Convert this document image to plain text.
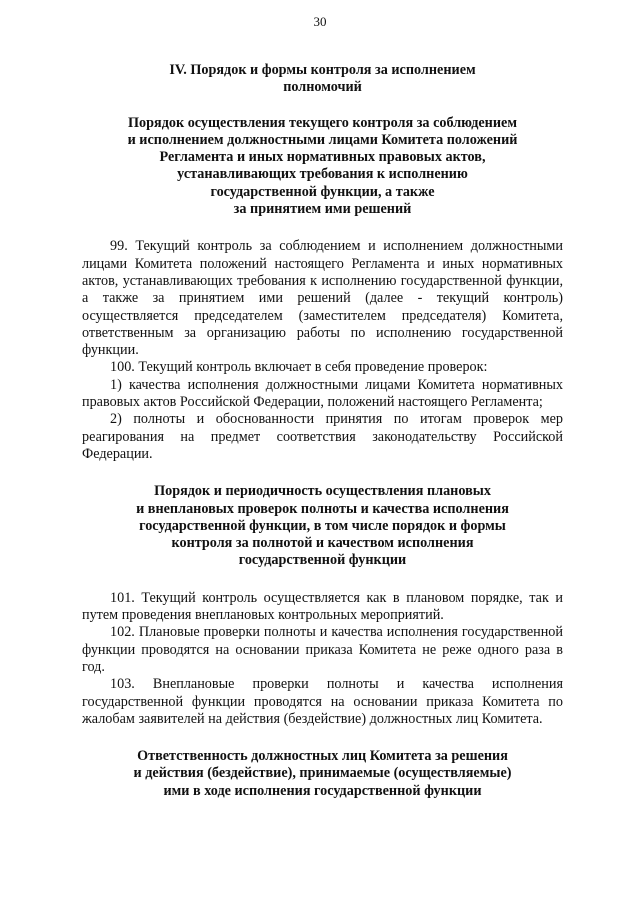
30
IV. Порядок и формы контроля за исполнением
полномочий
Порядок осуществления текущего контроля за соблюдением
и исполнением должностными лицами Комитета положений
Регламента и иных нормативных правовых актов,
устанавливающих требования к исполнению
государственной функции, а также
за принятием ими решений

99. Текущий контроль за соблюдением и исполнением должностными лицами Комитета положений настоящего Регламента и иных нормативных актов, устанавливающих требования к исполнению государственной функции, а также за принятием ими решений (далее - текущий контроль) осуществляется председателем (заместителем председателя) Комитета, ответственным за организацию работы по исполнению государственной функции.

100. Текущий контроль включает в себя проведение проверок:

1) качества исполнения должностными лицами Комитета нормативных правовых актов Российской Федерации, положений настоящего Регламента;

2) полноты и обоснованности принятия по итогам проверок мер реагирования на предмет соответствия законодательству Российской Федерации.

Порядок и периодичность осуществления плановых
и внеплановых проверок полноты и качества исполнения
государственной функции, в том числе порядок и формы
контроля за полнотой и качеством исполнения
государственной функции

101. Текущий контроль осуществляется как в плановом порядке, так и путем проведения внеплановых контрольных мероприятий.

102. Плановые проверки полноты и качества исполнения государственной функции проводятся на основании приказа Комитета не реже одного раза в год.

103. Внеплановые проверки полноты и качества исполнения государственной функции проводятся на основании приказа Комитета по жалобам заявителей на действия (бездействие) должностных лиц Комитета.

Ответственность должностных лиц Комитета за решения
и действия (бездействие), принимаемые (осуществляемые)
ими в ходе исполнения государственной функции
